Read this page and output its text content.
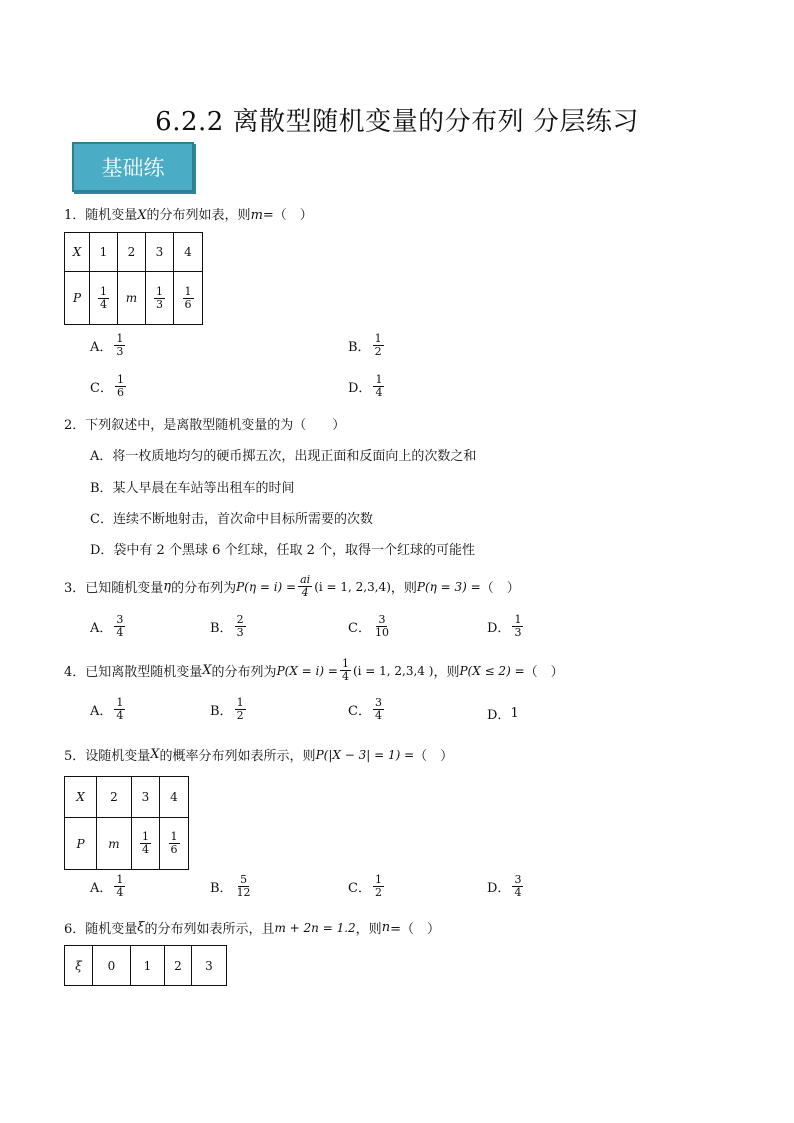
6.2.2 离散型随机变量的分布列 分层练习
基础练
1．随机变量X的分布列如表，则m=（　）
X	1	2	3	4
P	$\frac{1}{4}$	m	$\frac{1}{3}$	$\frac{1}{6}$
A． $\frac{1}{3}$	B． $\frac{1}{2}$
C． $\frac{1}{6}$	D． $\frac{1}{4}$
2．下列叙述中，是离散型随机变量的为（　　）
A．将一枚质地均匀的硬币掷五次，出现正面和反面向上的次数之和
B．某人早晨在车站等出租车的时间
C．连续不断地射击，首次命中目标所需要的次数
D．袋中有 2 个黑球 6 个红球，任取 2 个，取得一个红球的可能性
3．已知随机变量 η 的分布列为 $P(\eta = i) = \frac{ai}{4} (i = 1$, 2,3,4) ，则 P(η = 3) = （　）
A． $\frac{3}{4}$	B． $\frac{2}{3}$	C． $\frac{3}{10}$	D． $\frac{1}{3}$
4．已知离散型随机变量 X 的分布列为 $P(X = i) = \frac{1}{4} (i = 1$, 2,3,4 ) ，则 P(X ≤ 2) = （　）
A． $\frac{1}{4}$	B． $\frac{1}{2}$	C． $\frac{3}{4}$	D． 1
5．设随机变量 X 的概率分布列如表所示，则 P(|X − 3| = 1) = （　）
X	2	3	4
P	m	$\frac{1}{4}$	$\frac{1}{6}$
A． $\frac{1}{4}$	B． $\frac{5}{12}$	C． $\frac{1}{2}$	D． $\frac{3}{4}$
6．随机变量 ξ 的分布列如表所示，且 m + 2n = 1.2 ，则 n =（　）
ξ	0	1	2	3
